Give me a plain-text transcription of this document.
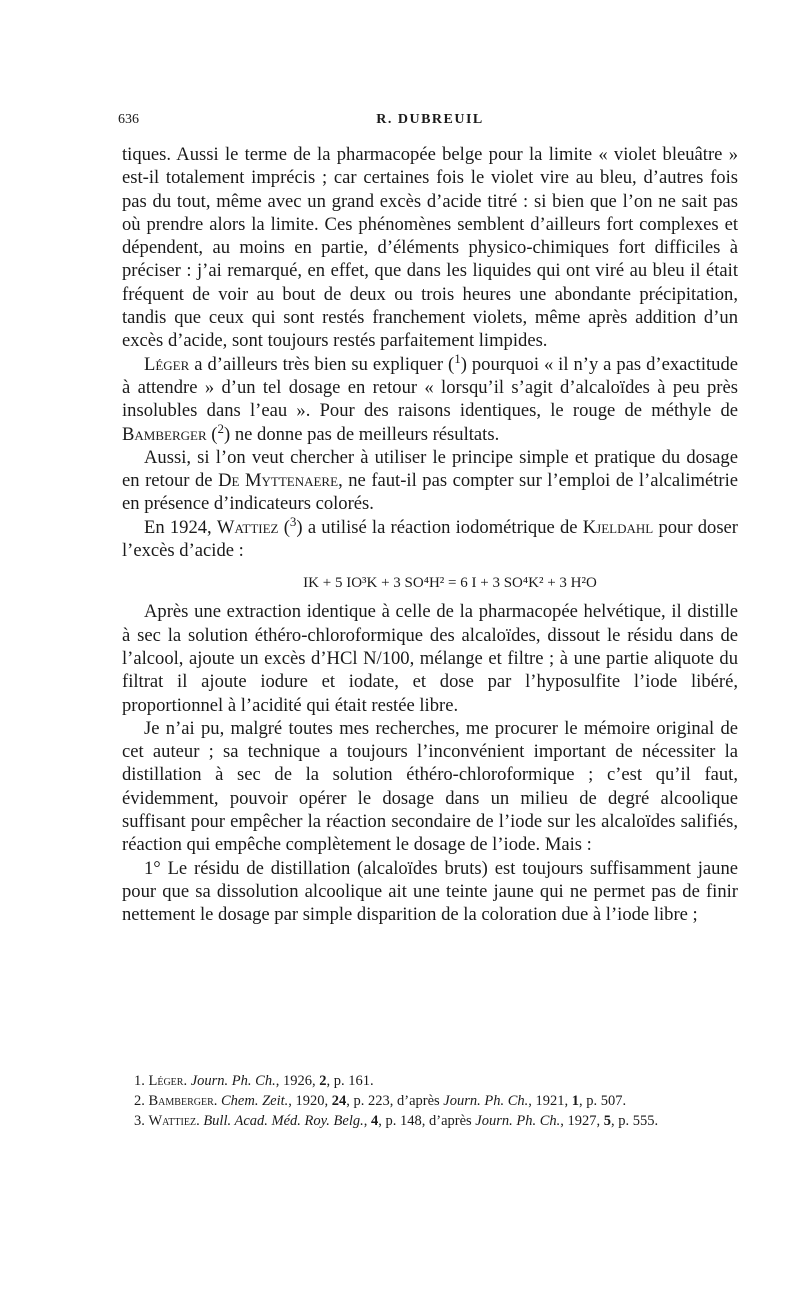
636	R. DUBREUIL

tiques. Aussi le terme de la pharmacopée belge pour la limite « violet bleuâtre » est-il totalement imprécis ; car certaines fois le violet vire au bleu, d’autres fois pas du tout, même avec un grand excès d’acide titré : si bien que l’on ne sait pas où prendre alors la limite. Ces phénomènes semblent d’ailleurs fort complexes et dépendent, au moins en partie, d’éléments physico-chimiques fort difficiles à préciser : j’ai remarqué, en effet, que dans les liquides qui ont viré au bleu il était fréquent de voir au bout de deux ou trois heures une abondante précipitation, tandis que ceux qui sont restés franchement violets, même après addition d’un excès d’acide, sont toujours restés parfaitement limpides.

Léger a d’ailleurs très bien su expliquer ($^1$) pourquoi « il n’y a pas d’exactitude à attendre » d’un tel dosage en retour « lorsqu’il s’agit d’alcaloïdes à peu près insolubles dans l’eau ». Pour des raisons identiques, le rouge de méthyle de Bamberger ($^2$) ne donne pas de meilleurs résultats.

Aussi, si l’on veut chercher à utiliser le principe simple et pratique du dosage en retour de De Myttenaere, ne faut-il pas compter sur l’emploi de l’alcalimétrie en présence d’indicateurs colorés.

En 1924, Wattiez ($^3$) a utilisé la réaction iodométrique de Kjeldahl pour doser l’excès d’acide :

IK + 5 IO³K + 3 SO⁴H² = 6 I + 3 SO⁴K² + 3 H²O

Après une extraction identique à celle de la pharmacopée helvétique, il distille à sec la solution éthéro-chloroformique des alcaloïdes, dissout le résidu dans de l’alcool, ajoute un excès d’HCl N/100, mélange et filtre ; à une partie aliquote du filtrat il ajoute iodure et iodate, et dose par l’hyposulfite l’iode libéré, proportionnel à l’acidité qui était restée libre.

Je n’ai pu, malgré toutes mes recherches, me procurer le mémoire original de cet auteur ; sa technique a toujours l’inconvénient important de nécessiter la distillation à sec de la solution éthéro-chloroformique ; c’est qu’il faut, évidemment, pouvoir opérer le dosage dans un milieu de degré alcoolique suffisant pour empêcher la réaction secondaire de l’iode sur les alcaloïdes salifiés, réaction qui empêche complètement le dosage de l’iode. Mais :

1° Le résidu de distillation (alcaloïdes bruts) est toujours suffisamment jaune pour que sa dissolution alcoolique ait une teinte jaune qui ne permet pas de finir nettement le dosage par simple disparition de la coloration due à l’iode libre ;

1. Léger. Journ. Ph. Ch., 1926, 2, p. 161.

2. Bamberger. Chem. Zeit., 1920, 24, p. 223, d’après Journ. Ph. Ch., 1921, 1, p. 507.

3. Wattiez. Bull. Acad. Méd. Roy. Belg., 4, p. 148, d’après Journ. Ph. Ch., 1927, 5, p. 555.
